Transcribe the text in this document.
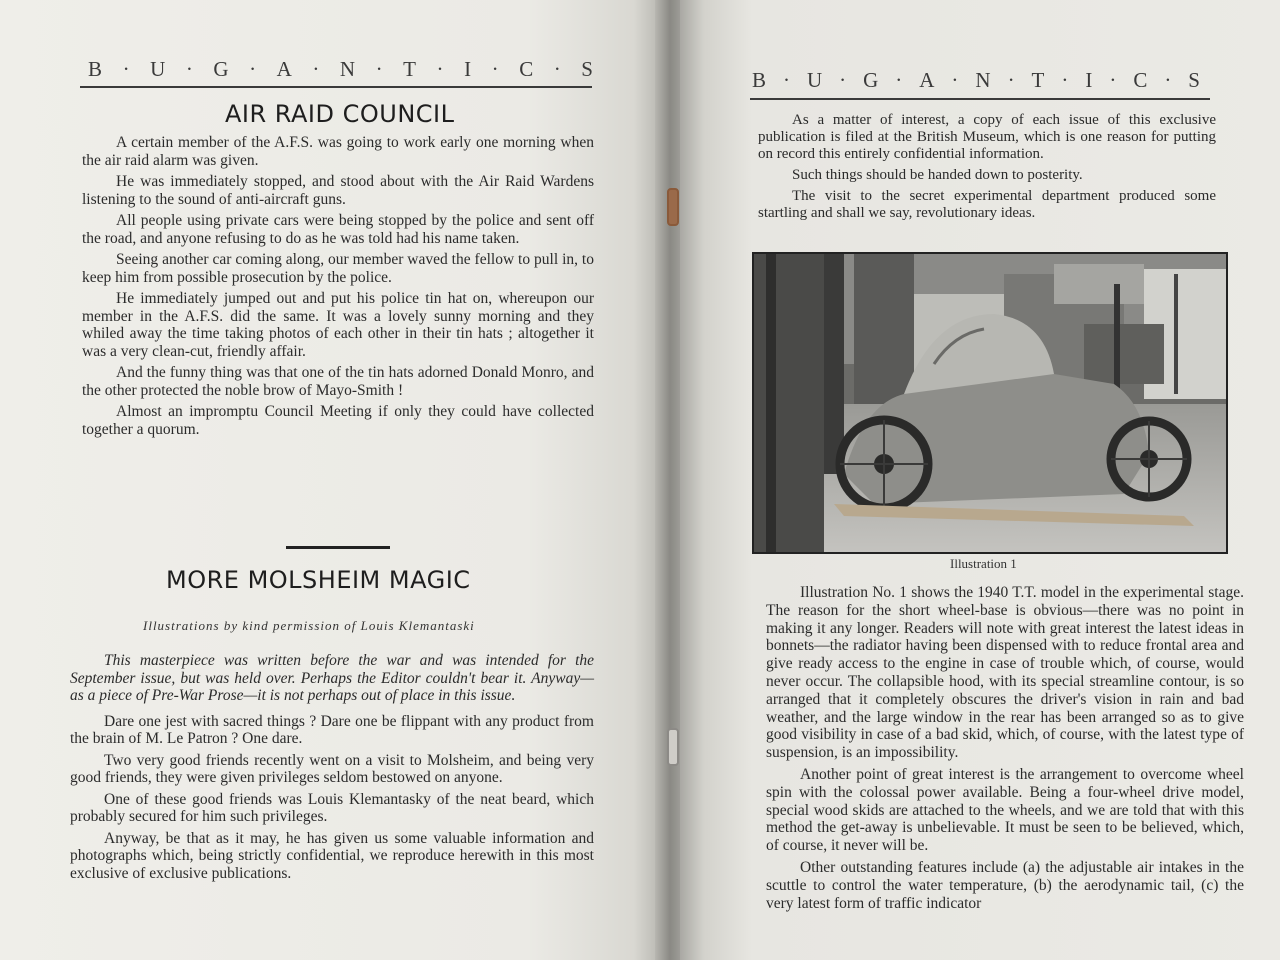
B · U · G · A · N · T · I · C · S
AIR RAID COUNCIL

A certain member of the A.F.S. was going to work early one morning when the air raid alarm was given.

He was immediately stopped, and stood about with the Air Raid Wardens listening to the sound of anti-aircraft guns.

All people using private cars were being stopped by the police and sent off the road, and anyone refusing to do as he was told had his name taken.

Seeing another car coming along, our member waved the fellow to pull in, to keep him from possible prosecution by the police.

He immediately jumped out and put his police tin hat on, whereupon our member in the A.F.S. did the same. It was a lovely sunny morning and they whiled away the time taking photos of each other in their tin hats ; altogether it was a very clean-cut, friendly affair.

And the funny thing was that one of the tin hats adorned Donald Monro, and the other protected the noble brow of Mayo-Smith !

Almost an impromptu Council Meeting if only they could have collected together a quorum.

MORE MOLSHEIM MAGIC
Illustrations by kind permission of Louis Klemantaski

This masterpiece was written before the war and was intended for the September issue, but was held over. Perhaps the Editor couldn't bear it. Anyway—as a piece of Pre-War Prose—it is not perhaps out of place in this issue.

Dare one jest with sacred things ? Dare one be flippant with any product from the brain of M. Le Patron ? One dare.

Two very good friends recently went on a visit to Molsheim, and being very good friends, they were given privileges seldom bestowed on anyone.

One of these good friends was Louis Klemantasky of the neat beard, which probably secured for him such privileges.

Anyway, be that as it may, he has given us some valuable information and photographs which, being strictly confidential, we reproduce herewith in this most exclusive of exclusive publications.

B · U · G · A · N · T · I · C · S

As a matter of interest, a copy of each issue of this exclusive publication is filed at the British Museum, which is one reason for putting on record this entirely confidential information.

Such things should be handed down to posterity.

The visit to the secret experimental department produced some startling and shall we say, revolutionary ideas.

Illustration 1

Illustration No. 1 shows the 1940 T.T. model in the experimental stage. The reason for the short wheel-base is obvious—there was no point in making it any longer. Readers will note with great interest the latest ideas in bonnets—the radiator having been dispensed with to reduce frontal area and give ready access to the engine in case of trouble which, of course, would never occur. The collapsible hood, with its special streamline contour, is so arranged that it completely obscures the driver's vision in rain and bad weather, and the large window in the rear has been arranged so as to give good visibility in case of a bad skid, which, of course, with the latest type of suspension, is an impossibility.

Another point of great interest is the arrangement to overcome wheel spin with the colossal power available. Being a four-wheel drive model, special wood skids are attached to the wheels, and we are told that with this method the get-away is unbelievable. It must be seen to be believed, which, of course, it never will be.

Other outstanding features include (a) the adjustable air intakes in the scuttle to control the water temperature, (b) the aerodynamic tail, (c) the very latest form of traffic indicator
